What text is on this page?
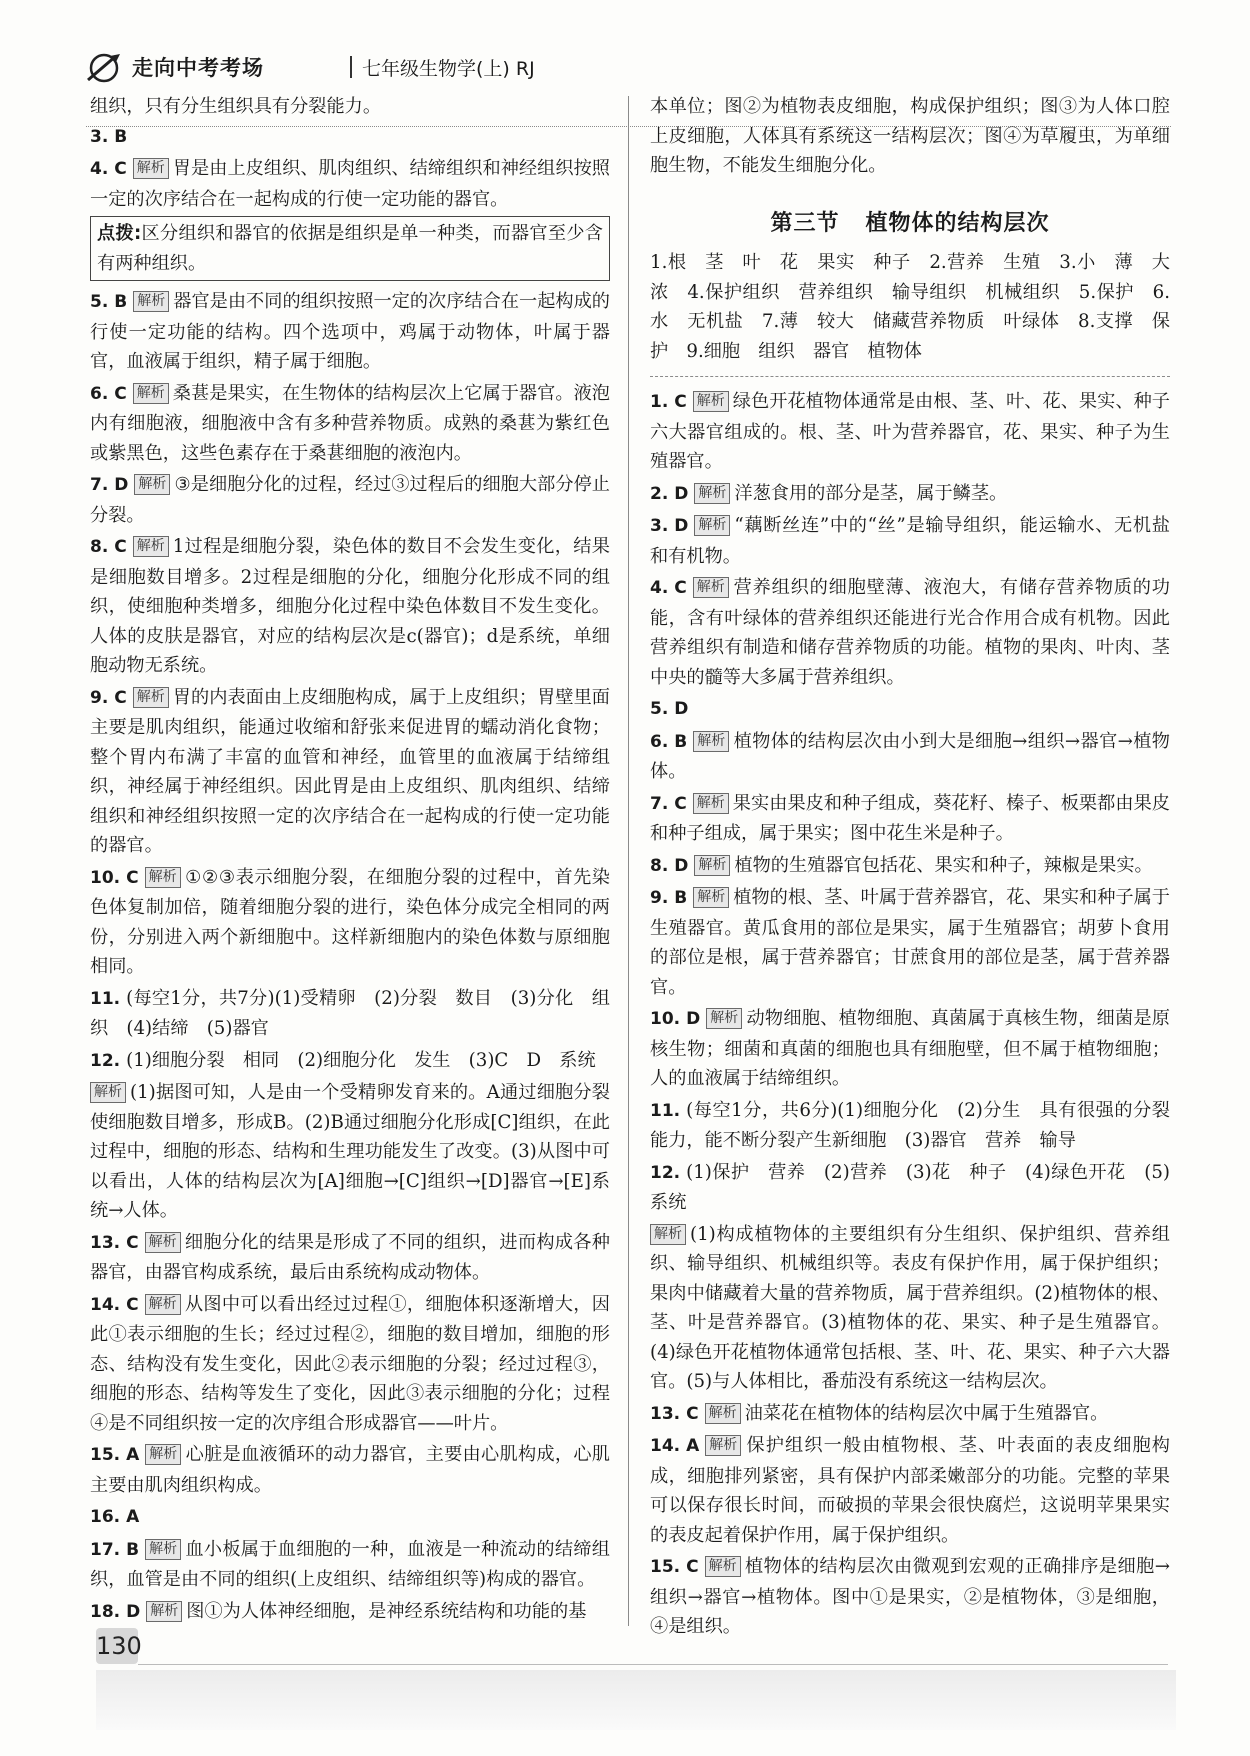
走向中考考场	七年级生物学(上) RJ

组织，只有分生组织具有分裂能力。

3. B

4. C 解析 胃是由上皮组织、肌肉组织、结缔组织和神经组织按照一定的次序结合在一起构成的行使一定功能的器官。

点拨:区分组织和器官的依据是组织是单一种类，而器官至少含有两种组织。

5. B 解析 器官是由不同的组织按照一定的次序结合在一起构成的行使一定功能的结构。四个选项中，鸡属于动物体，叶属于器官，血液属于组织，精子属于细胞。

6. C 解析 桑葚是果实，在生物体的结构层次上它属于器官。液泡内有细胞液，细胞液中含有多种营养物质。成熟的桑葚为紫红色或紫黑色，这些色素存在于桑葚细胞的液泡内。

7. D 解析 ③是细胞分化的过程，经过③过程后的细胞大部分停止分裂。

8. C 解析 1过程是细胞分裂，染色体的数目不会发生变化，结果是细胞数目增多。2过程是细胞的分化，细胞分化形成不同的组织，使细胞种类增多，细胞分化过程中染色体数目不发生变化。人体的皮肤是器官，对应的结构层次是c(器官)；d是系统，单细胞动物无系统。

9. C 解析 胃的内表面由上皮细胞构成，属于上皮组织；胃壁里面主要是肌肉组织，能通过收缩和舒张来促进胃的蠕动消化食物；整个胃内布满了丰富的血管和神经，血管里的血液属于结缔组织，神经属于神经组织。因此胃是由上皮组织、肌肉组织、结缔组织和神经组织按照一定的次序结合在一起构成的行使一定功能的器官。

10. C 解析 ①②③表示细胞分裂，在细胞分裂的过程中，首先染色体复制加倍，随着细胞分裂的进行，染色体分成完全相同的两份，分别进入两个新细胞中。这样新细胞内的染色体数与原细胞相同。

11. (每空1分，共7分)(1)受精卵　(2)分裂　数目　(3)分化　组织　(4)结缔　(5)器官

12. (1)细胞分裂　相同　(2)细胞分化　发生　(3)C　D　系统

解析 (1)据图可知，人是由一个受精卵发育来的。A通过细胞分裂使细胞数目增多，形成B。(2)B通过细胞分化形成[C]组织，在此过程中，细胞的形态、结构和生理功能发生了改变。(3)从图中可以看出，人体的结构层次为[A]细胞→[C]组织→[D]器官→[E]系统→人体。

13. C 解析 细胞分化的结果是形成了不同的组织，进而构成各种器官，由器官构成系统，最后由系统构成动物体。

14. C 解析 从图中可以看出经过过程①，细胞体积逐渐增大，因此①表示细胞的生长；经过过程②，细胞的数目增加，细胞的形态、结构没有发生变化，因此②表示细胞的分裂；经过过程③，细胞的形态、结构等发生了变化，因此③表示细胞的分化；过程④是不同组织按一定的次序组合形成器官——叶片。

15. A 解析 心脏是血液循环的动力器官，主要由心肌构成，心肌主要由肌肉组织构成。

16. A

17. B 解析 血小板属于血细胞的一种，血液是一种流动的结缔组织，血管是由不同的组织(上皮组织、结缔组织等)构成的器官。

18. D 解析 图①为人体神经细胞，是神经系统结构和功能的基

本单位；图②为植物表皮细胞，构成保护组织；图③为人体口腔上皮细胞，人体具有系统这一结构层次；图④为草履虫，为单细胞生物，不能发生细胞分化。

第三节 植物体的结构层次

1.根　茎　叶　花　果实　种子　2.营养　生殖　3.小　薄　大　浓　4.保护组织　营养组织　输导组织　机械组织　5.保护　6.水　无机盐　7.薄　较大　储藏营养物质　叶绿体　8.支撑　保护　9.细胞　组织　器官　植物体

1. C 解析 绿色开花植物体通常是由根、茎、叶、花、果实、种子六大器官组成的。根、茎、叶为营养器官，花、果实、种子为生殖器官。

2. D 解析 洋葱食用的部分是茎，属于鳞茎。

3. D 解析 “藕断丝连”中的“丝”是输导组织，能运输水、无机盐和有机物。

4. C 解析 营养组织的细胞壁薄、液泡大，有储存营养物质的功能，含有叶绿体的营养组织还能进行光合作用合成有机物。因此营养组织有制造和储存营养物质的功能。植物的果肉、叶肉、茎中央的髓等大多属于营养组织。

5. D

6. B 解析 植物体的结构层次由小到大是细胞→组织→器官→植物体。

7. C 解析 果实由果皮和种子组成，葵花籽、榛子、板栗都由果皮和种子组成，属于果实；图中花生米是种子。

8. D 解析 植物的生殖器官包括花、果实和种子，辣椒是果实。

9. B 解析 植物的根、茎、叶属于营养器官，花、果实和种子属于生殖器官。黄瓜食用的部位是果实，属于生殖器官；胡萝卜食用的部位是根，属于营养器官；甘蔗食用的部位是茎，属于营养器官。

10. D 解析 动物细胞、植物细胞、真菌属于真核生物，细菌是原核生物；细菌和真菌的细胞也具有细胞壁，但不属于植物细胞；人的血液属于结缔组织。

11. (每空1分，共6分)(1)细胞分化　(2)分生　具有很强的分裂能力，能不断分裂产生新细胞　(3)器官　营养　输导

12. (1)保护　营养　(2)营养　(3)花　种子　(4)绿色开花　(5)系统

解析 (1)构成植物体的主要组织有分生组织、保护组织、营养组织、输导组织、机械组织等。表皮有保护作用，属于保护组织；果肉中储藏着大量的营养物质，属于营养组织。(2)植物体的根、茎、叶是营养器官。(3)植物体的花、果实、种子是生殖器官。(4)绿色开花植物体通常包括根、茎、叶、花、果实、种子六大器官。(5)与人体相比，番茄没有系统这一结构层次。

13. C 解析 油菜花在植物体的结构层次中属于生殖器官。

14. A 解析 保护组织一般由植物根、茎、叶表面的表皮细胞构成，细胞排列紧密，具有保护内部柔嫩部分的功能。完整的苹果可以保存很长时间，而破损的苹果会很快腐烂，这说明苹果果实的表皮起着保护作用，属于保护组织。

15. C 解析 植物体的结构层次由微观到宏观的正确排序是细胞→组织→器官→植物体。图中①是果实，②是植物体，③是细胞，④是组织。

130
